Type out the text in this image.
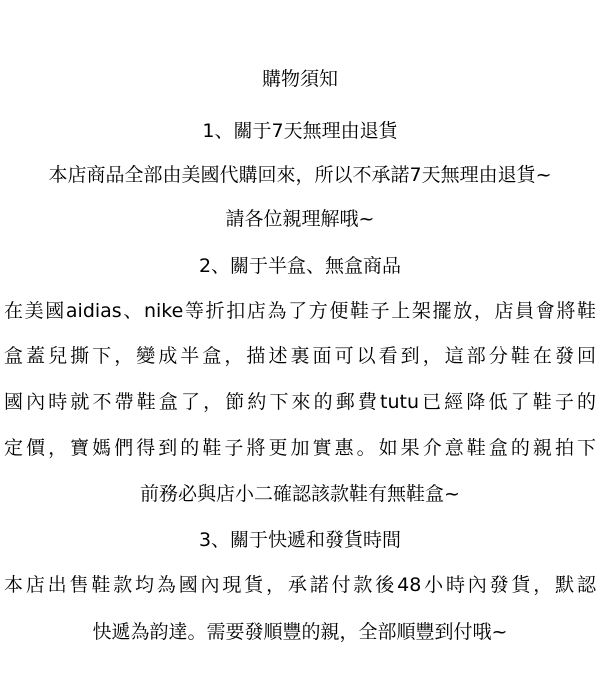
購物須知
1、關于7天無理由退貨
本店商品全部由美國代購回來，所以不承諾7天無理由退貨~
請各位親理解哦~
2、關于半盒、無盒商品
在美國aidias、nike等折扣店為了方便鞋子上架擺放，店員會將鞋
盒蓋兒撕下，變成半盒，描述裏面可以看到，這部分鞋在發回
國內時就不帶鞋盒了，節約下來的郵費tutu已經降低了鞋子的
定價，寶媽們得到的鞋子將更加實惠。如果介意鞋盒的親拍下
前務必與店小二確認該款鞋有無鞋盒~
3、關于快遞和發貨時間
本店出售鞋款均為國內現貨，承諾付款後48小時內發貨，默認
快遞為韵達。需要發順豐的親，全部順豐到付哦~
